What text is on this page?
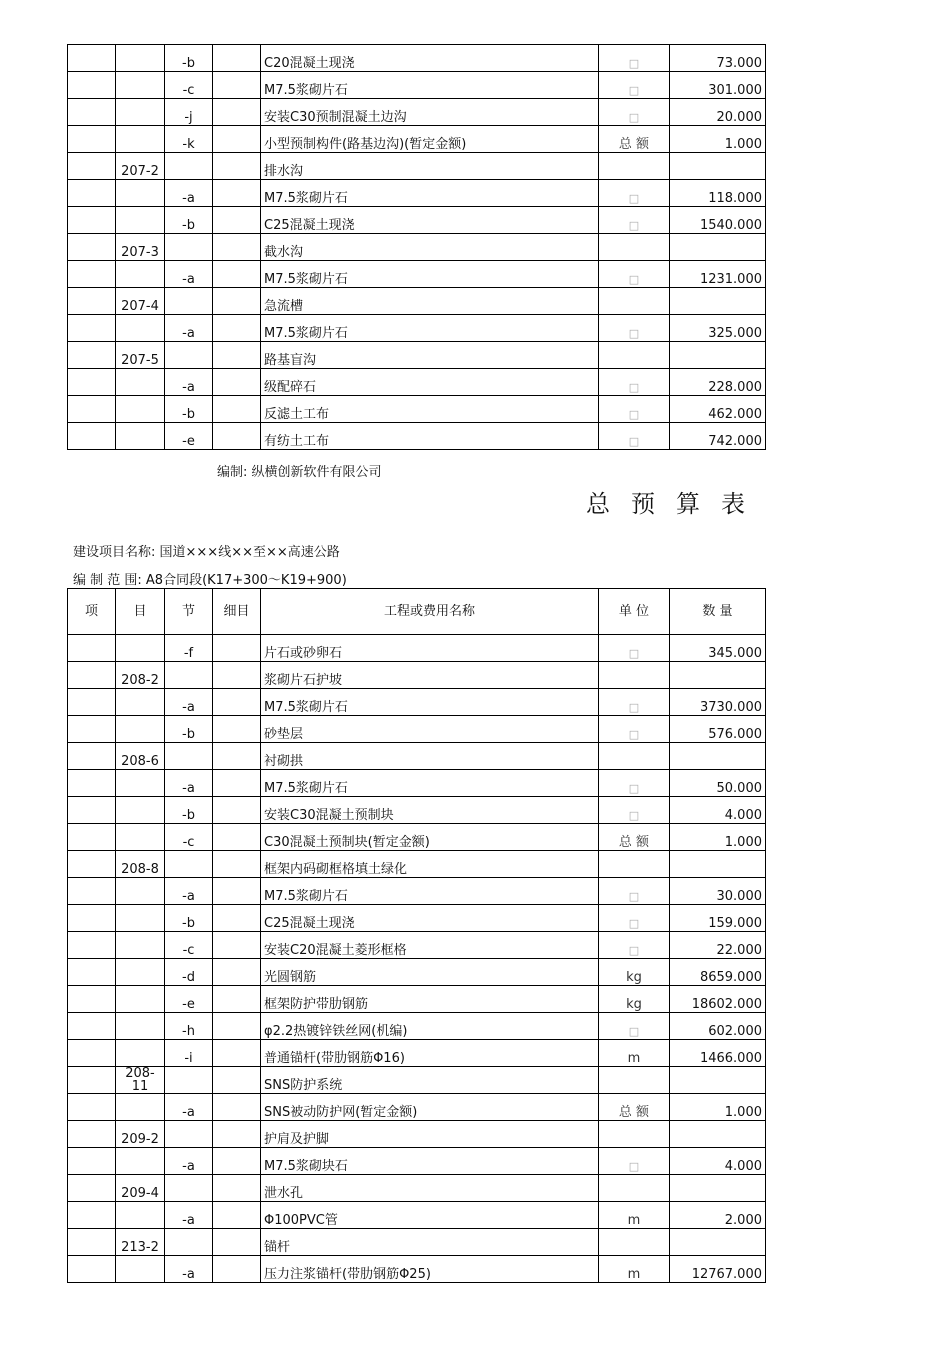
		-b		C20混凝土现浇	□	73.000
		-c		M7.5浆砌片石	□	301.000
		-j		安装C30预制混凝土边沟	□	20.000
		-k		小型预制构件(路基边沟)(暂定金额)	总 额	1.000
	207-2			排水沟		
		-a		M7.5浆砌片石	□	118.000
		-b		C25混凝土现浇	□	1540.000
	207-3			截水沟		
		-a		M7.5浆砌片石	□	1231.000
	207-4			急流槽		
		-a		M7.5浆砌片石	□	325.000
	207-5			路基盲沟		
		-a		级配碎石	□	228.000
		-b		反滤土工布	□	462.000
		-e		有纺土工布	□	742.000
编制: 纵横创新软件有限公司
总预算表
建设项目名称: 国道×××线××至××高速公路
编 制 范 围: A8合同段(K17+300～K19+900)
项	目	节	细目	工程或费用名称	单 位	数 量
		-f		片石或砂卵石	□	345.000
	208-2			浆砌片石护坡		
		-a		M7.5浆砌片石	□	3730.000
		-b		砂垫层	□	576.000
	208-6			衬砌拱		
		-a		M7.5浆砌片石	□	50.000
		-b		安装C30混凝土预制块	□	4.000
		-c		C30混凝土预制块(暂定金额)	总 额	1.000
	208-8			框架内码砌框格填土绿化		
		-a		M7.5浆砌片石	□	30.000
		-b		C25混凝土现浇	□	159.000
		-c		安装C20混凝土菱形框格	□	22.000
		-d		光圆钢筋	kg	8659.000
		-e		框架防护带肋钢筋	kg	18602.000
		-h		φ2.2热镀锌铁丝网(机编)	□	602.000
		-i		普通锚杆(带肋钢筋Φ16)	m	1466.000
	208-11			SNS防护系统		
		-a		SNS被动防护网(暂定金额)	总 额	1.000
	209-2			护肩及护脚		
		-a		M7.5浆砌块石	□	4.000
	209-4			泄水孔		
		-a		Φ100PVC管	m	2.000
	213-2			锚杆		
		-a		压力注浆锚杆(带肋钢筋Φ25)	m	12767.000
